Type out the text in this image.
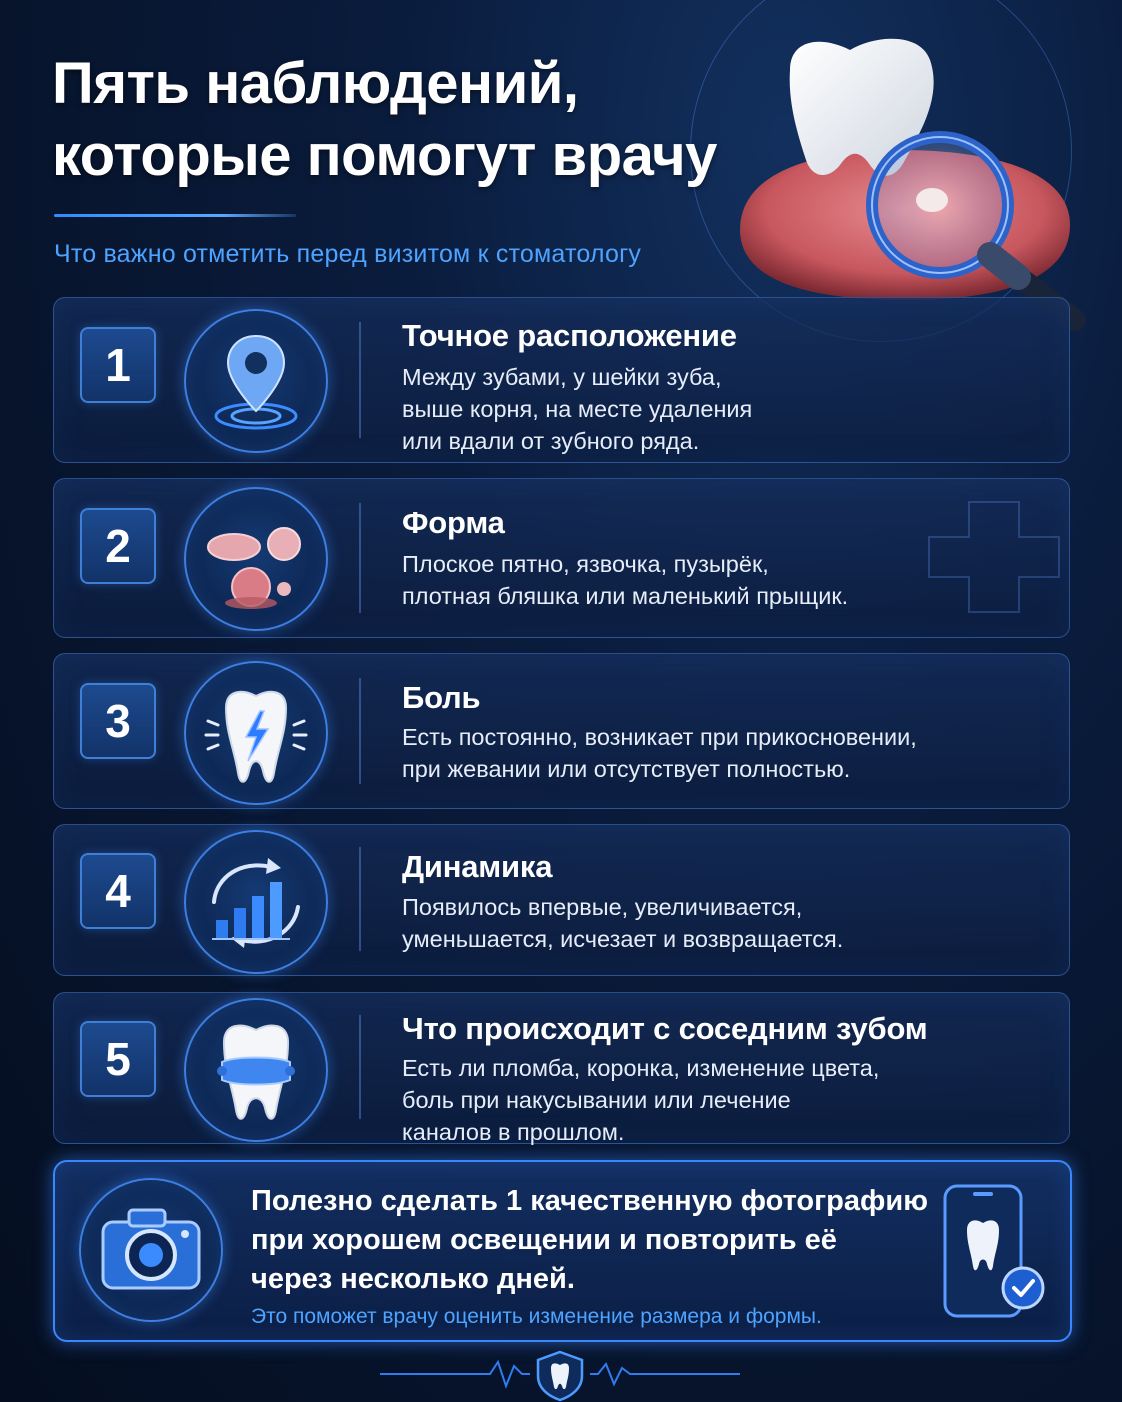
Пять наблюдений,
которые помогут врачу
Что важно отметить перед визитом к стоматологу
1
Точное расположение
Между зубами, у шейки зуба,
выше корня, на месте удаления
или вдали от зубного ряда.
2	Форма
Плоское пятно, язвочка, пузырёк,
плотная бляшка или маленький прыщик.
3	Боль
Есть постоянно, возникает при прикосновении,
при жевании или отсутствует полностью.
4	Динамика
Появилось впервые, увеличивается,
уменьшается, исчезает и возвращается.
5
Что происходит с соседним зубом
Есть ли пломба, коронка, изменение цвета,
боль при накусывании или лечение
каналов в прошлом.
Полезно сделать 1 качественную фотографию
при хорошем освещении и повторить её
через несколько дней.
Это поможет врачу оценить изменение размера и формы.
